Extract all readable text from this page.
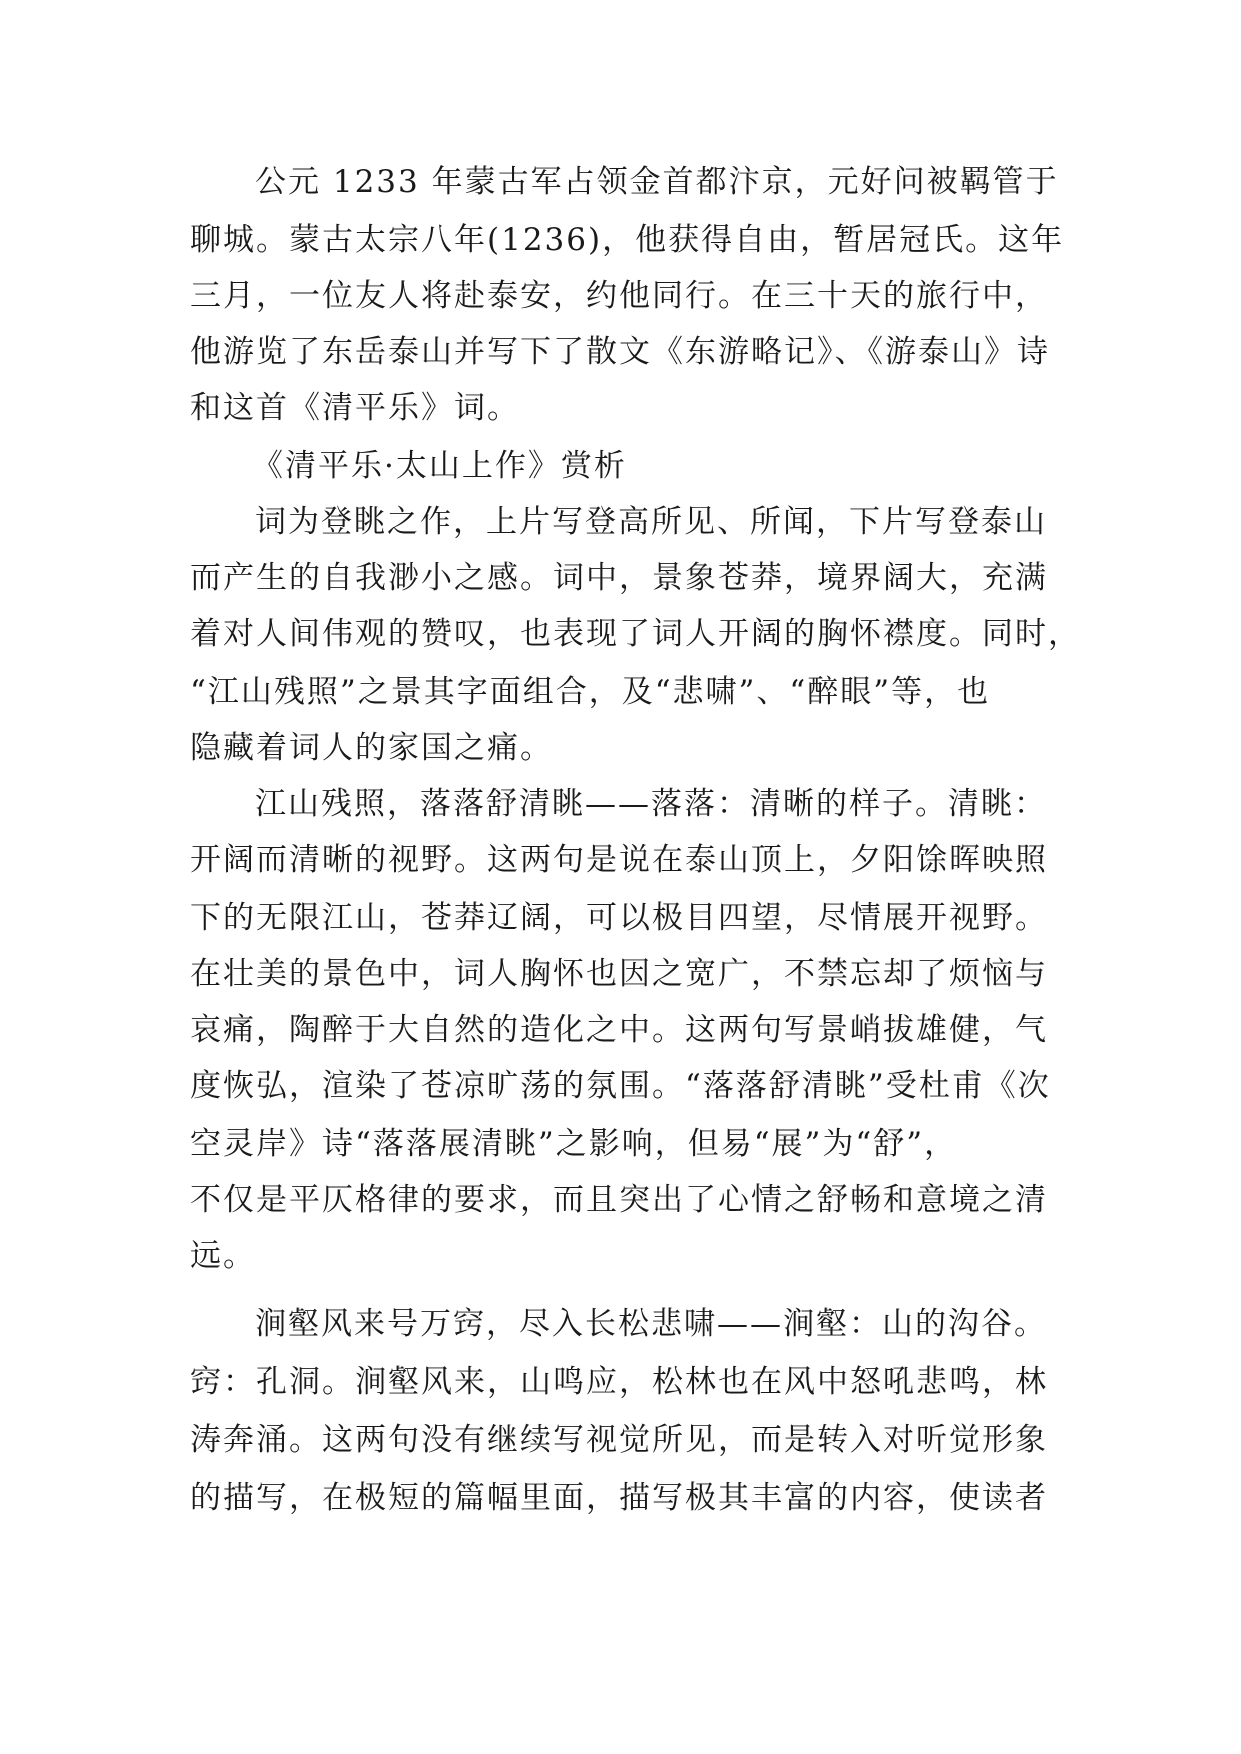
公元 1233 年蒙古军占领金首都汴京，元好问被羁管于
聊城。蒙古太宗八年(1236)，他获得自由，暂居冠氏。这年
三月，一位友人将赴泰安，约他同行。在三十天的旅行中，
他游览了东岳泰山并写下了散文《东游略记》、《游泰山》诗
和这首《清平乐》词。
《清平乐·太山上作》赏析
词为登眺之作，上片写登高所见、所闻，下片写登泰山
而产生的自我渺小之感。词中，景象苍莽，境界阔大，充满
着对人间伟观的赞叹，也表现了词人开阔的胸怀襟度。同时，
“江山残照”之景其字面组合，及“悲啸”、“醉眼”等，也
隐藏着词人的家国之痛。
江山残照，落落舒清眺——落落：清晰的样子。清眺：
开阔而清晰的视野。这两句是说在泰山顶上，夕阳馀晖映照
下的无限江山，苍莽辽阔，可以极目四望，尽情展开视野。
在壮美的景色中，词人胸怀也因之宽广，不禁忘却了烦恼与
哀痛，陶醉于大自然的造化之中。这两句写景峭拔雄健，气
度恢弘，渲染了苍凉旷荡的氛围。“落落舒清眺”受杜甫《次
空灵岸》诗“落落展清眺”之影响，但易“展”为“舒”，
不仅是平仄格律的要求，而且突出了心情之舒畅和意境之清
远。
涧壑风来号万窍，尽入长松悲啸——涧壑：山的沟谷。
窍：孔洞。涧壑风来，山鸣应，松林也在风中怒吼悲鸣，林
涛奔涌。这两句没有继续写视觉所见，而是转入对听觉形象
的描写，在极短的篇幅里面，描写极其丰富的内容，使读者
